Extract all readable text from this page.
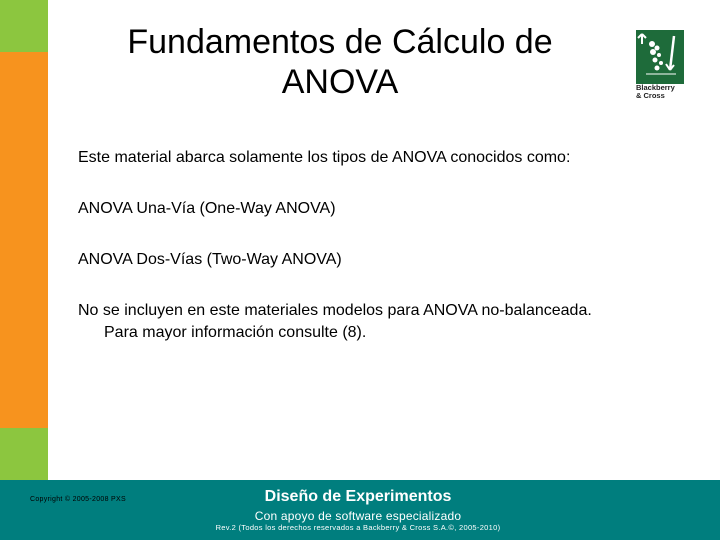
Fundamentos de Cálculo de
ANOVA	Blackberry
& Cross
Este material abarca solamente los tipos de ANOVA conocidos como:
ANOVA Una-Vía (One-Way ANOVA)
ANOVA Dos-Vías (Two-Way ANOVA)
No se incluyen en este materiales modelos para ANOVA no-balanceada.
Para mayor información consulte (8).
Copyright © 2005-2008 PXS	Diseño de Experimentos
Con apoyo de software especializado
Rev.2 (Todos los derechos reservados a Backberry & Cross S.A.©, 2005-2010)
